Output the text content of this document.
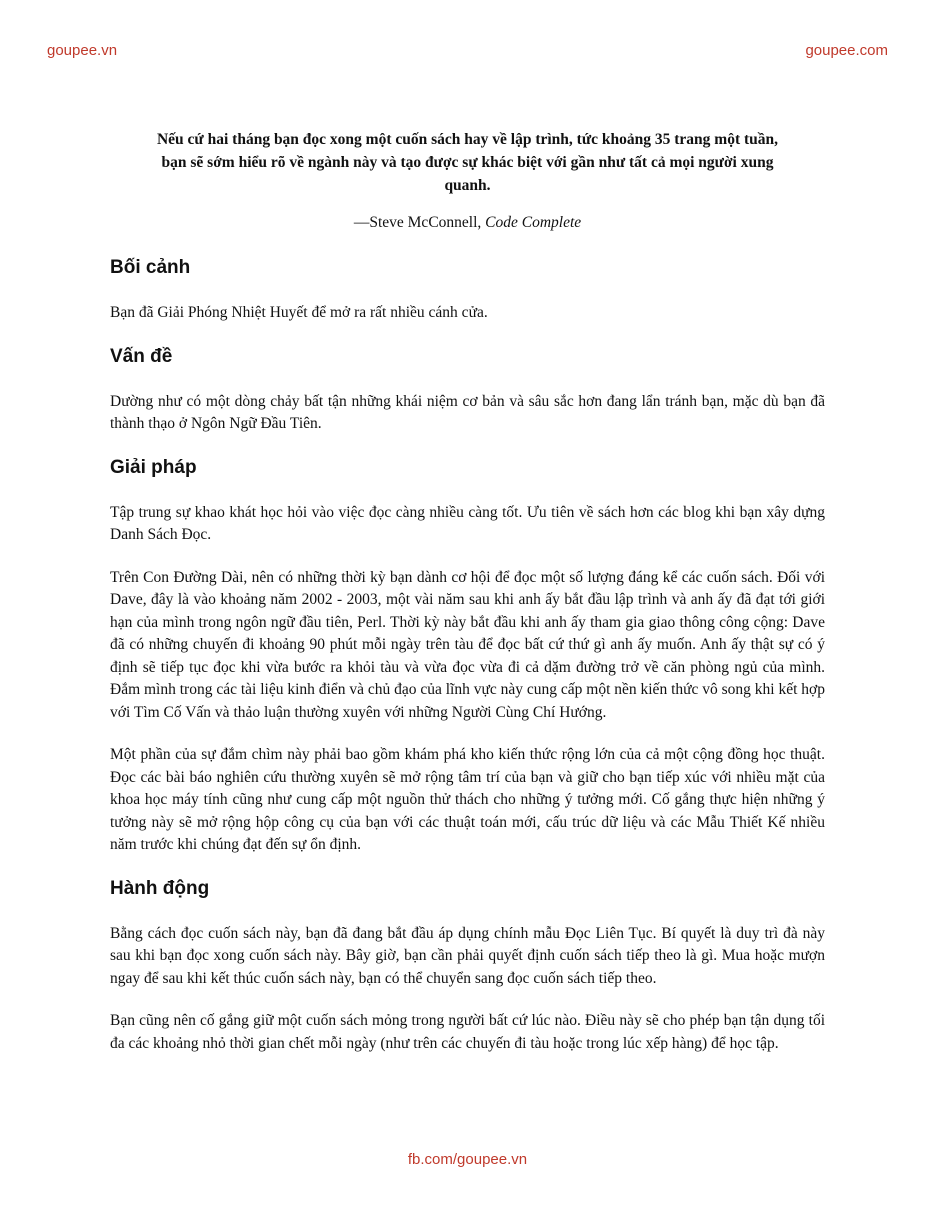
goupee.vn	goupee.com
Nếu cứ hai tháng bạn đọc xong một cuốn sách hay về lập trình, tức khoảng 35 trang một tuần, bạn sẽ sớm hiểu rõ về ngành này và tạo được sự khác biệt với gần như tất cả mọi người xung quanh.
—Steve McConnell, Code Complete
Bối cảnh

Bạn đã Giải Phóng Nhiệt Huyết để mở ra rất nhiều cánh cửa.

Vấn đề

Dường như có một dòng chảy bất tận những khái niệm cơ bản và sâu sắc hơn đang lẩn tránh bạn, mặc dù bạn đã thành thạo ở Ngôn Ngữ Đầu Tiên.

Giải pháp

Tập trung sự khao khát học hỏi vào việc đọc càng nhiều càng tốt. Ưu tiên về sách hơn các blog khi bạn xây dựng Danh Sách Đọc.

Trên Con Đường Dài, nên có những thời kỳ bạn dành cơ hội để đọc một số lượng đáng kể các cuốn sách. Đối với Dave, đây là vào khoảng năm 2002 - 2003, một vài năm sau khi anh ấy bắt đầu lập trình và anh ấy đã đạt tới giới hạn của mình trong ngôn ngữ đầu tiên, Perl. Thời kỳ này bắt đầu khi anh ấy tham gia giao thông công cộng: Dave đã có những chuyến đi khoảng 90 phút mỗi ngày trên tàu để đọc bất cứ thứ gì anh ấy muốn. Anh ấy thật sự có ý định sẽ tiếp tục đọc khi vừa bước ra khỏi tàu và vừa đọc vừa đi cả dặm đường trở về căn phòng ngủ của mình. Đắm mình trong các tài liệu kinh điển và chủ đạo của lĩnh vực này cung cấp một nền kiến thức vô song khi kết hợp với Tìm Cố Vấn và thảo luận thường xuyên với những Người Cùng Chí Hướng.

Một phần của sự đắm chìm này phải bao gồm khám phá kho kiến thức rộng lớn của cả một cộng đồng học thuật. Đọc các bài báo nghiên cứu thường xuyên sẽ mở rộng tâm trí của bạn và giữ cho bạn tiếp xúc với nhiều mặt của khoa học máy tính cũng như cung cấp một nguồn thử thách cho những ý tưởng mới. Cố gắng thực hiện những ý tưởng này sẽ mở rộng hộp công cụ của bạn với các thuật toán mới, cấu trúc dữ liệu và các Mẫu Thiết Kế nhiều năm trước khi chúng đạt đến sự ổn định.

Hành động

Bằng cách đọc cuốn sách này, bạn đã đang bắt đầu áp dụng chính mẫu Đọc Liên Tục. Bí quyết là duy trì đà này sau khi bạn đọc xong cuốn sách này. Bây giờ, bạn cần phải quyết định cuốn sách tiếp theo là gì. Mua hoặc mượn ngay để sau khi kết thúc cuốn sách này, bạn có thể chuyển sang đọc cuốn sách tiếp theo.

Bạn cũng nên cố gắng giữ một cuốn sách mỏng trong người bất cứ lúc nào. Điều này sẽ cho phép bạn tận dụng tối đa các khoảng nhỏ thời gian chết mỗi ngày (như trên các chuyến đi tàu hoặc trong lúc xếp hàng) để học tập.

fb.com/goupee.vn
